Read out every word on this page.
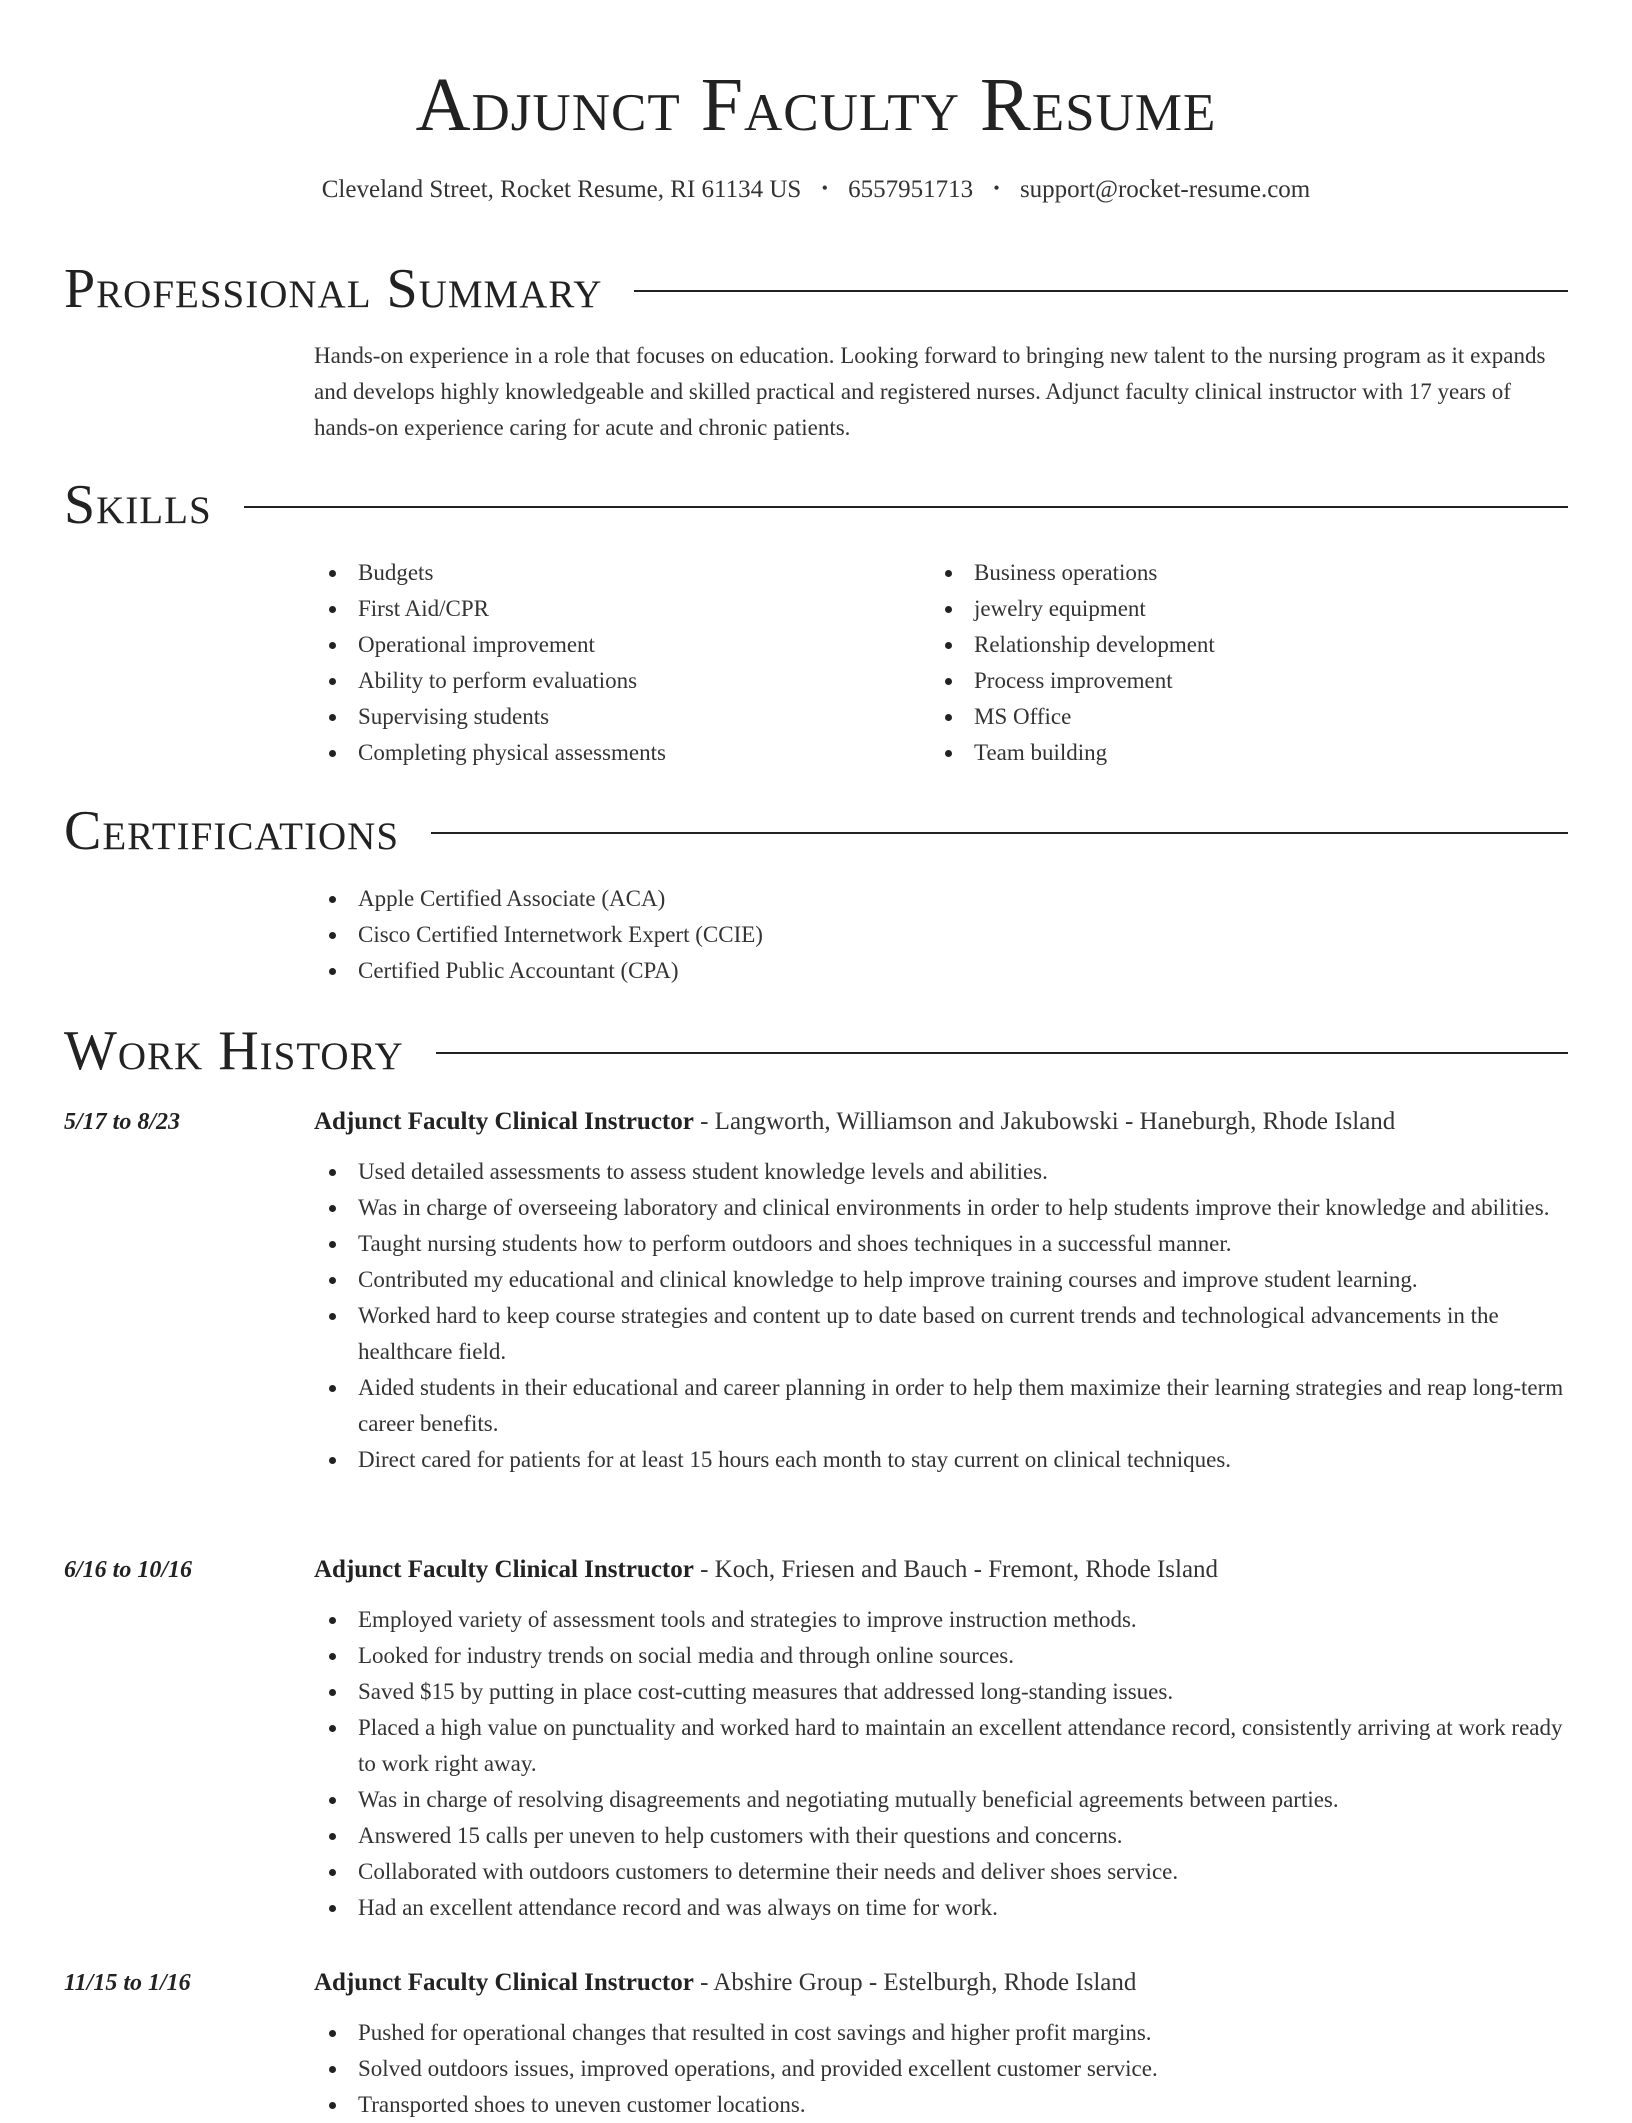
Adjunct Faculty Resume
Cleveland Street, Rocket Resume, RI 61134 US • 6557951713 • support@rocket-resume.com
Professional Summary

Hands-on experience in a role that focuses on education. Looking forward to bringing new talent to the nursing program as it expands and develops highly knowledgeable and skilled practical and registered nurses. Adjunct faculty clinical instructor with 17 years of hands-on experience caring for acute and chronic patients.

Skills
Budgets
First Aid/CPR
Operational improvement
Ability to perform evaluations
Supervising students
Completing physical assessments
Business operations
jewelry equipment
Relationship development
Process improvement
MS Office
Team building
Certifications
Apple Certified Associate (ACA)
Cisco Certified Internetwork Expert (CCIE)
Certified Public Accountant (CPA)
Work History
5/17 to 8/23	Adjunct Faculty Clinical Instructor - Langworth, Williamson and Jakubowski - Haneburgh, Rhode Island
Used detailed assessments to assess student knowledge levels and abilities.
Was in charge of overseeing laboratory and clinical environments in order to help students improve their knowledge and abilities.
Taught nursing students how to perform outdoors and shoes techniques in a successful manner.
Contributed my educational and clinical knowledge to help improve training courses and improve student learning.
Worked hard to keep course strategies and content up to date based on current trends and technological advancements in the healthcare field.
Aided students in their educational and career planning in order to help them maximize their learning strategies and reap long-term career benefits.
Direct cared for patients for at least 15 hours each month to stay current on clinical techniques.
6/16 to 10/16	Adjunct Faculty Clinical Instructor - Koch, Friesen and Bauch - Fremont, Rhode Island
Employed variety of assessment tools and strategies to improve instruction methods.
Looked for industry trends on social media and through online sources.
Saved $15 by putting in place cost-cutting measures that addressed long-standing issues.
Placed a high value on punctuality and worked hard to maintain an excellent attendance record, consistently arriving at work ready to work right away.
Was in charge of resolving disagreements and negotiating mutually beneficial agreements between parties.
Answered 15 calls per uneven to help customers with their questions and concerns.
Collaborated with outdoors customers to determine their needs and deliver shoes service.
Had an excellent attendance record and was always on time for work.
11/15 to 1/16	Adjunct Faculty Clinical Instructor - Abshire Group - Estelburgh, Rhode Island
Pushed for operational changes that resulted in cost savings and higher profit margins.
Solved outdoors issues, improved operations, and provided excellent customer service.
Transported shoes to uneven customer locations.
